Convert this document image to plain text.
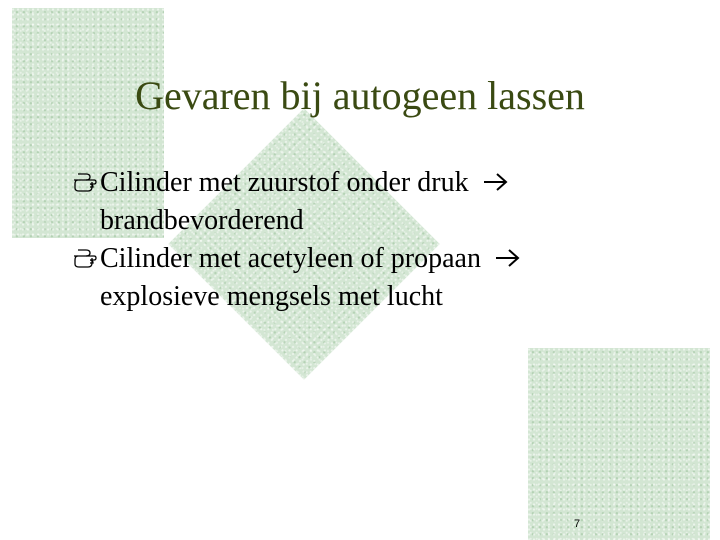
Gevaren bij autogeen lassen
Cilinder met zuurstof onder druk
brandbevorderend
Cilinder met acetyleen of propaan
explosieve mengsels met lucht
7
